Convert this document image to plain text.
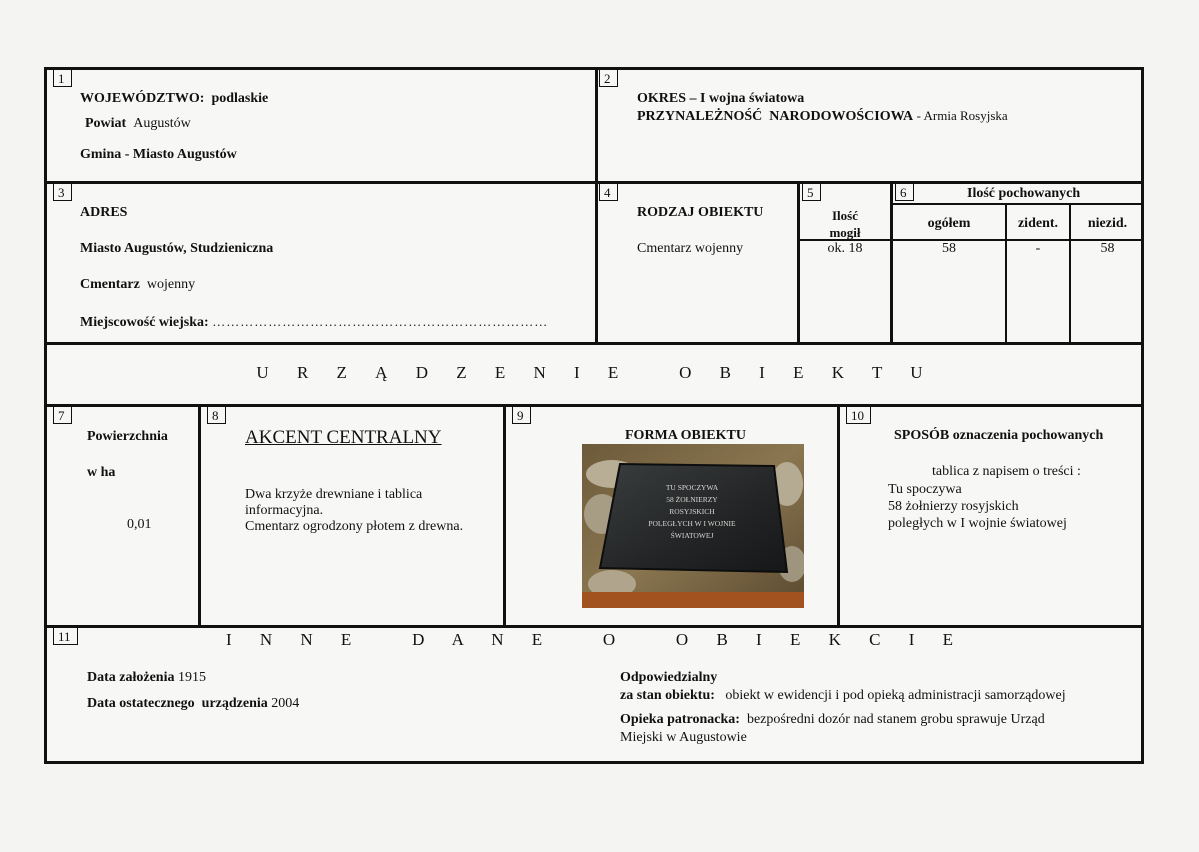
1
WOJEWÓDZTWO: podlaskie
Powiat Augustów
Gmina - Miasto Augustów
2
OKRES – I wojna światowa
PRZYNALEŻNOŚĆ  NARODOWOŚCIOWA - Armia Rosyjska
3
ADRES
Miasto Augustów, Studzieniczna
Cmentarz wojenny
Miejscowość wiejska: ………………………………………………………………
4
RODZAJ OBIEKTU
Cmentarz wojenny
5
Ilość
mogił
ok. 18
6	Ilość pochowanych
ogółem	zident.	niezid.
58	-	58
U R Z Ą D Z E N I E   O B I E K T U
7
Powierzchnia
w ha
0,01
8
AKCENT CENTRALNY
Dwa krzyże drewniane i tablica
informacyjna.
Cmentarz ogrodzony płotem z drewna.
9
FORMA OBIEKTU
TU SPOCZYWA
58 ŻOŁNIERZY
ROSYJSKICH
POLEGŁYCH W I WOJNIE
ŚWIATOWEJ
10
SPOSÓB oznaczenia pochowanych
tablica z napisem o treści :
Tu spoczywa
58 żołnierzy rosyjskich
poległych w I wojnie światowej
11	I N N E   D A N E   O   O B I E K C I E
Data założenia 1915
Data ostatecznego  urządzenia 2004
Odpowiedzialny
za stan obiektu: obiekt w ewidencji i pod opieką administracji samorządowej
Opieka patronacka: bezpośredni dozór nad stanem grobu sprawuje Urząd
Miejski w Augustowie
